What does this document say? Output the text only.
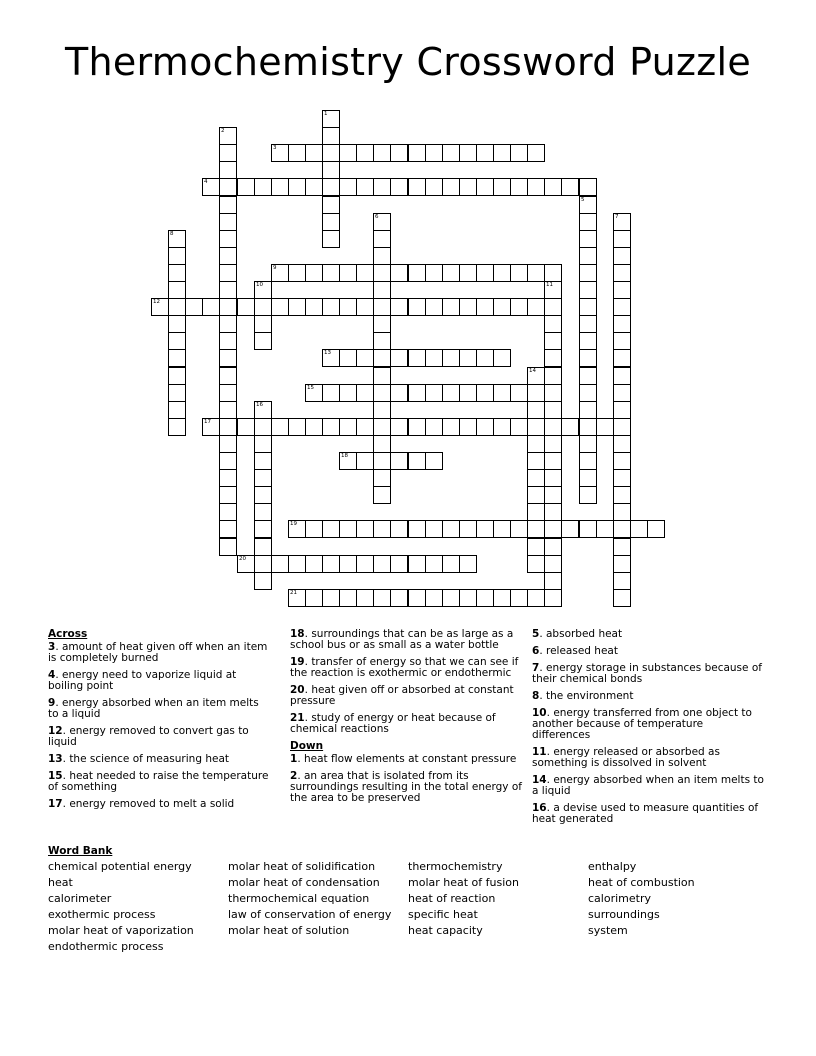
Thermochemistry Crossword Puzzle
1
2
3
4
5
6	7
8
9
10	11
12
13
14
15
16
17
18
19
20
21
Across
3. amount of heat given off when an item is completely burned
4. energy need to vaporize liquid at boiling point
9. energy absorbed when an item melts to a liquid
12. energy removed to convert gas to liquid
13. the science of measuring heat
15. heat needed to raise the temperature of something
17. energy removed to melt a solid
18. surroundings that can be as large as a school bus or as small as a water bottle
19. transfer of energy so that we can see if the reaction is exothermic or endothermic
20. heat given off or absorbed at constant pressure
21. study of energy or heat because of chemical reactions
Down
1. heat flow elements at constant pressure
2. an area that is isolated from its surroundings resulting in the total energy of the area to be preserved
5. absorbed heat
6. released heat
7. energy storage in substances because of their chemical bonds
8. the environment
10. energy transferred from one object to another because of temperature differences
11. energy released or absorbed as something is dissolved in solvent
14. energy absorbed when an item melts to a liquid
16. a devise used to measure quantities of heat generated
Word Bank
chemical potential energy
heat
calorimeter
exothermic process
molar heat of vaporization
endothermic process
molar heat of solidification
molar heat of condensation
thermochemical equation
law of conservation of energy
molar heat of solution
thermochemistry
molar heat of fusion
heat of reaction
specific heat
heat capacity
enthalpy
heat of combustion
calorimetry
surroundings
system
